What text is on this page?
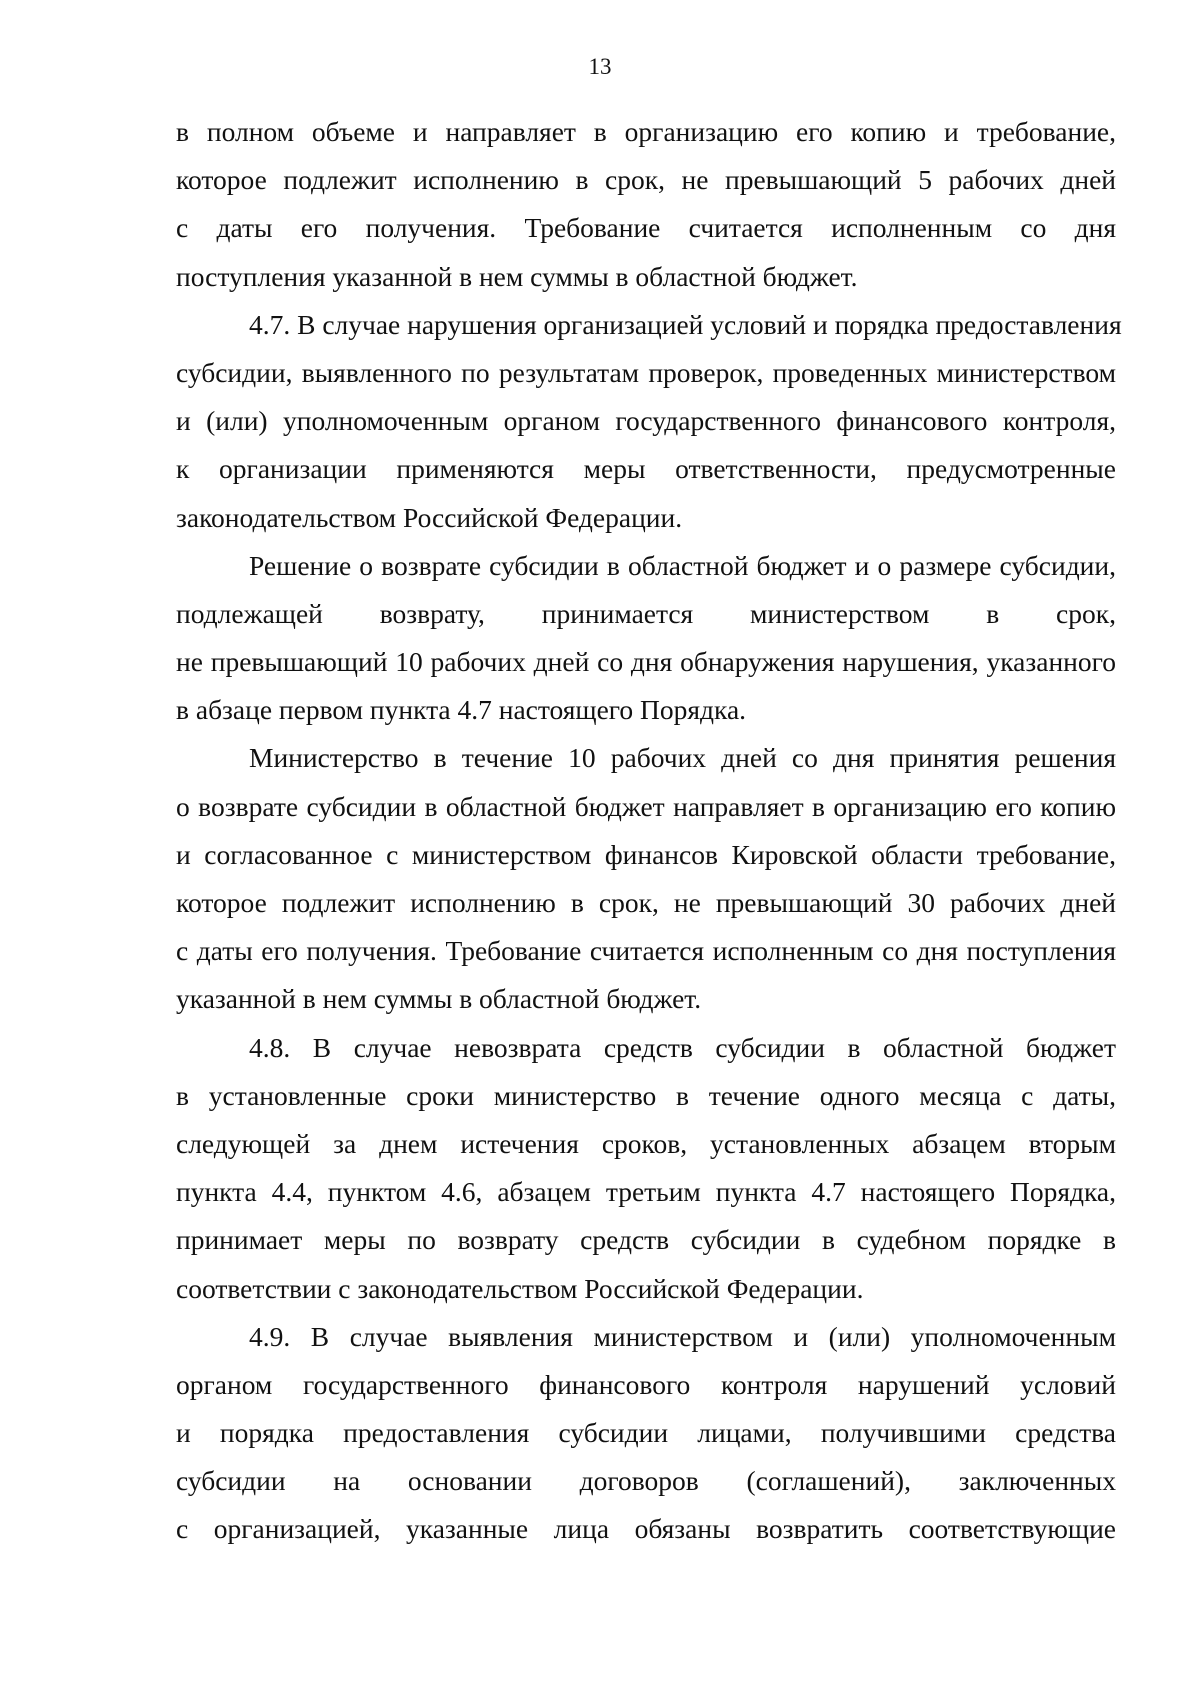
13
в полном объеме и направляет в организацию его копию и требование,
которое подлежит исполнению в срок, не превышающий 5 рабочих дней
с даты его получения. Требование считается исполненным со дня
поступления указанной в нем суммы в областной бюджет.
4.7. В случае нарушения организацией условий и порядка предоставления
субсидии, выявленного по результатам проверок, проведенных министерством
и (или) уполномоченным органом государственного финансового контроля,
к организации применяются меры ответственности, предусмотренные
законодательством Российской Федерации.
Решение о возврате субсидии в областной бюджет и о размере субсидии,
подлежащей возврату, принимается министерством в срок,
не превышающий 10 рабочих дней со дня обнаружения нарушения, указанного
в абзаце первом пункта 4.7 настоящего Порядка.
Министерство в течение 10 рабочих дней со дня принятия решения
о возврате субсидии в областной бюджет направляет в организацию его копию
и согласованное с министерством финансов Кировской области требование,
которое подлежит исполнению в срок, не превышающий 30 рабочих дней
с даты его получения. Требование считается исполненным со дня поступления
указанной в нем суммы в областной бюджет.
4.8. В случае невозврата средств субсидии в областной бюджет
в установленные сроки министерство в течение одного месяца с даты,
следующей за днем истечения сроков, установленных абзацем вторым
пункта 4.4, пунктом 4.6, абзацем третьим пункта 4.7 настоящего Порядка,
принимает меры по возврату средств субсидии в судебном порядке в
соответствии с законодательством Российской Федерации.
4.9. В случае выявления министерством и (или) уполномоченным
органом государственного финансового контроля нарушений условий
и порядка предоставления субсидии лицами, получившими средства
субсидии на основании договоров (соглашений), заключенных
с организацией, указанные лица обязаны возвратить соответствующие
